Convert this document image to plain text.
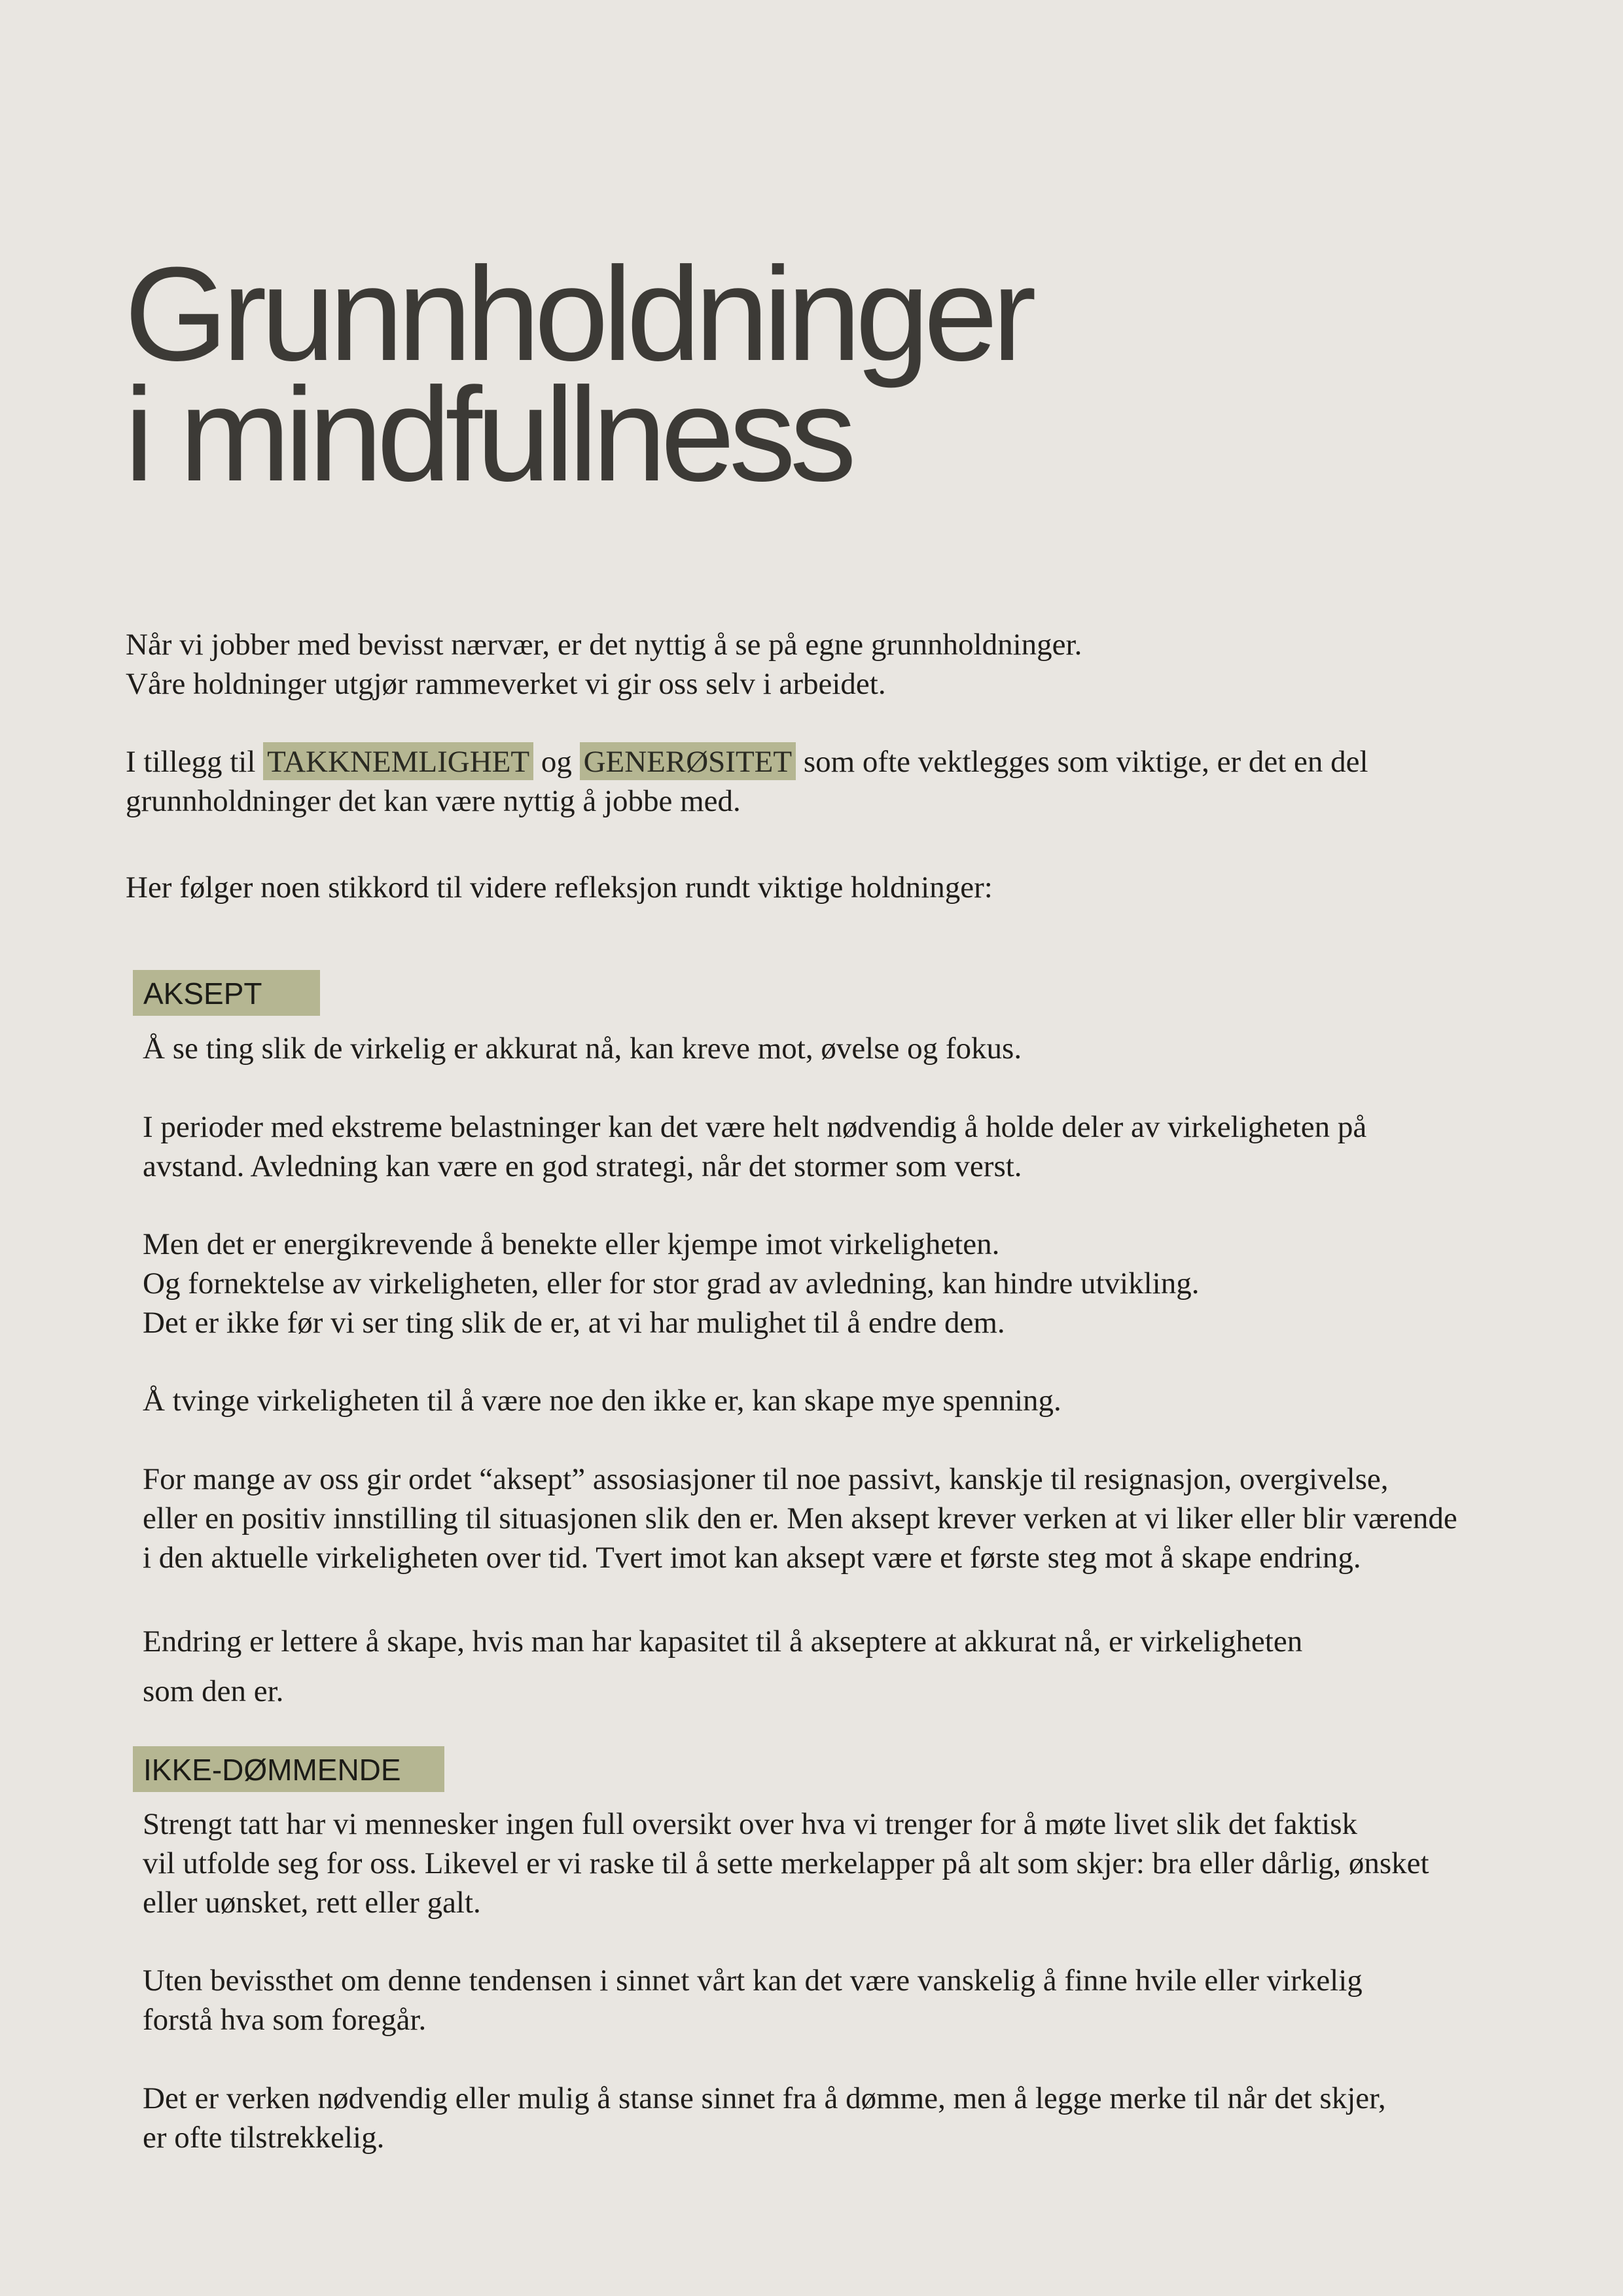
Grunnholdninger
i mindfullness

Når vi jobber med bevisst nærvær, er det nyttig å se på egne grunnholdninger.
Våre holdninger utgjør rammeverket vi gir oss selv i arbeidet.

I tillegg til TAKKNEMLIGHET og GENERØSITET som ofte vektlegges som viktige, er det en del
grunnholdninger det kan være nyttig å jobbe med.

Her følger noen stikkord til videre refleksjon rundt viktige holdninger:

AKSEPT

Å se ting slik de virkelig er akkurat nå, kan kreve mot, øvelse og fokus.

I perioder med ekstreme belastninger kan det være helt nødvendig å holde deler av virkeligheten på
avstand. Avledning kan være en god strategi, når det stormer som verst.

Men det er energikrevende å benekte eller kjempe imot virkeligheten.
Og fornektelse av virkeligheten, eller for stor grad av avledning, kan hindre utvikling.
Det er ikke før vi ser ting slik de er, at vi har mulighet til å endre dem.

Å tvinge virkeligheten til å være noe den ikke er, kan skape mye spenning.

For mange av oss gir ordet “aksept” assosiasjoner til noe passivt, kanskje til resignasjon, overgivelse,
eller en positiv innstilling til situasjonen slik den er. Men aksept krever verken at vi liker eller blir værende
i den aktuelle virkeligheten over tid. Tvert imot kan aksept være et første steg mot å skape endring.

Endring er lettere å skape, hvis man har kapasitet til å akseptere at akkurat nå, er virkeligheten
som den er.

IKKE-DØMMENDE

Strengt tatt har vi mennesker ingen full oversikt over hva vi trenger for å møte livet slik det faktisk
vil utfolde seg for oss. Likevel er vi raske til å sette merkelapper på alt som skjer: bra eller dårlig, ønsket
eller uønsket, rett eller galt.

Uten bevissthet om denne tendensen i sinnet vårt kan det være vanskelig å finne hvile eller virkelig
forstå hva som foregår.

Det er verken nødvendig eller mulig å stanse sinnet fra å dømme, men å legge merke til når det skjer,
er ofte tilstrekkelig.
